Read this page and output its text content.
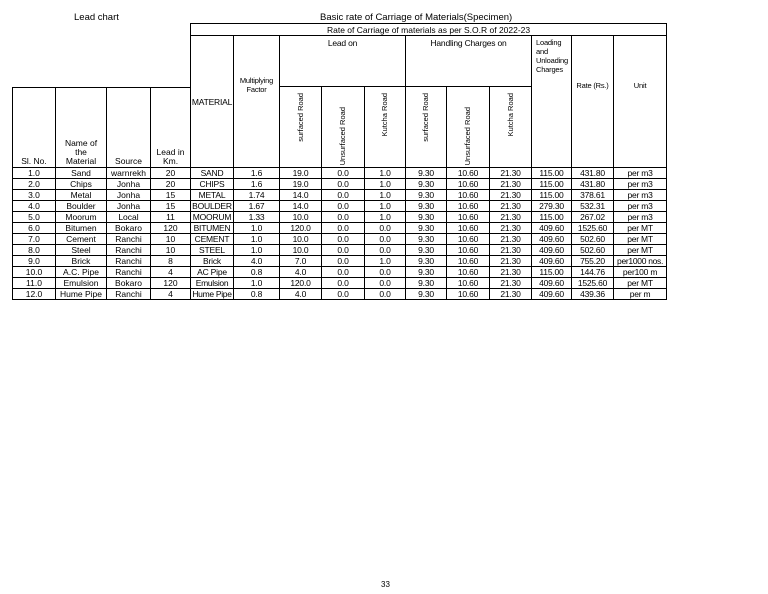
Lead chart	Basic rate of Carriage of Materials(Specimen)
				Rate of Carriage of materials as per S.O.R of 2022-23										
				MATERIAL	Multiplying Factor	Lead on			Handling Charges on			Loading and Unloading Charges	Rate (Rs.)	Unit

						surfaced Road	Unsurfaced Road	Kutcha Road	surfaced Road	Unsurfaced Road	Kutcha Road			
Sl. No.	Name of the Material	Source	Lead in Km.											

1.0	Sand	warnrekh	20	SAND	1.6	19.0	0.0	1.0	9.30	10.60	21.30	115.00	431.80	per m3
2.0	Chips	Jonha	20	CHIPS	1.6	19.0	0.0	1.0	9.30	10.60	21.30	115.00	431.80	per m3
3.0	Metal	Jonha	15	METAL	1.74	14.0	0.0	1.0	9.30	10.60	21.30	115.00	378.61	per m3
4.0	Boulder	Jonha	15	BOULDER	1.67	14.0	0.0	1.0	9.30	10.60	21.30	279.30	532.31	per m3
5.0	Moorum	Local	11	MOORUM	1.33	10.0	0.0	1.0	9.30	10.60	21.30	115.00	267.02	per m3
6.0	Bitumen	Bokaro	120	BITUMEN	1.0	120.0	0.0	0.0	9.30	10.60	21.30	409.60	1525.60	per MT
7.0	Cement	Ranchi	10	CEMENT	1.0	10.0	0.0	0.0	9.30	10.60	21.30	409.60	502.60	per MT
8.0	Steel	Ranchi	10	STEEL	1.0	10.0	0.0	0.0	9.30	10.60	21.30	409.60	502.60	per MT
9.0	Brick	Ranchi	8	Brick	4.0	7.0	0.0	1.0	9.30	10.60	21.30	409.60	755.20	per1000 nos.
10.0	A.C. Pipe	Ranchi	4	AC Pipe	0.8	4.0	0.0	0.0	9.30	10.60	21.30	115.00	144.76	per100 m
11.0	Emulsion	Bokaro	120	Emulsion	1.0	120.0	0.0	0.0	9.30	10.60	21.30	409.60	1525.60	per MT
12.0	Hume Pipe	Ranchi	4	Hume Pipe	0.8	4.0	0.0	0.0	9.30	10.60	21.30	409.60	439.36	per m
33
